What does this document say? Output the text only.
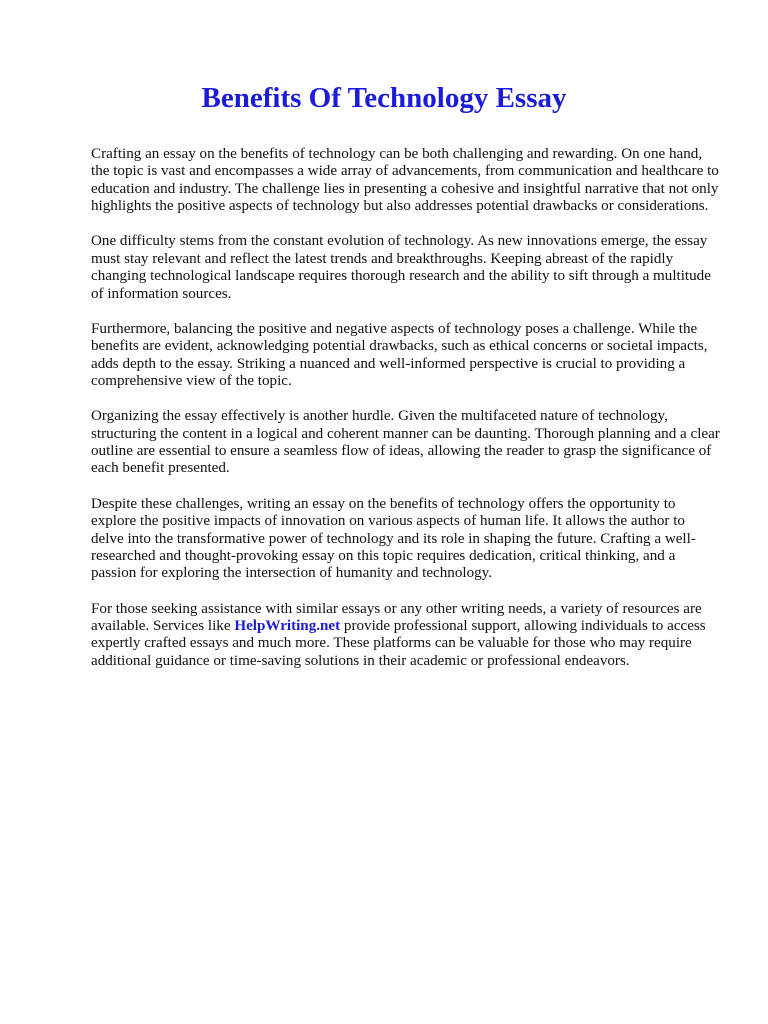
Benefits Of Technology Essay

Crafting an essay on the benefits of technology can be both challenging and rewarding. On one hand, the topic is vast and encompasses a wide array of advancements, from communication and healthcare to education and industry. The challenge lies in presenting a cohesive and insightful narrative that not only highlights the positive aspects of technology but also addresses potential drawbacks or considerations.

One difficulty stems from the constant evolution of technology. As new innovations emerge, the essay must stay relevant and reflect the latest trends and breakthroughs. Keeping abreast of the rapidly changing technological landscape requires thorough research and the ability to sift through a multitude of information sources.

Furthermore, balancing the positive and negative aspects of technology poses a challenge. While the benefits are evident, acknowledging potential drawbacks, such as ethical concerns or societal impacts, adds depth to the essay. Striking a nuanced and well-informed perspective is crucial to providing a comprehensive view of the topic.

Organizing the essay effectively is another hurdle. Given the multifaceted nature of technology, structuring the content in a logical and coherent manner can be daunting. Thorough planning and a clear outline are essential to ensure a seamless flow of ideas, allowing the reader to grasp the significance of each benefit presented.

Despite these challenges, writing an essay on the benefits of technology offers the opportunity to explore the positive impacts of innovation on various aspects of human life. It allows the author to delve into the transformative power of technology and its role in shaping the future. Crafting a well-researched and thought-provoking essay on this topic requires dedication, critical thinking, and a passion for exploring the intersection of humanity and technology.

For those seeking assistance with similar essays or any other writing needs, a variety of resources are available. Services like HelpWriting.net provide professional support, allowing individuals to access expertly crafted essays and much more. These platforms can be valuable for those who may require additional guidance or time-saving solutions in their academic or professional endeavors.
